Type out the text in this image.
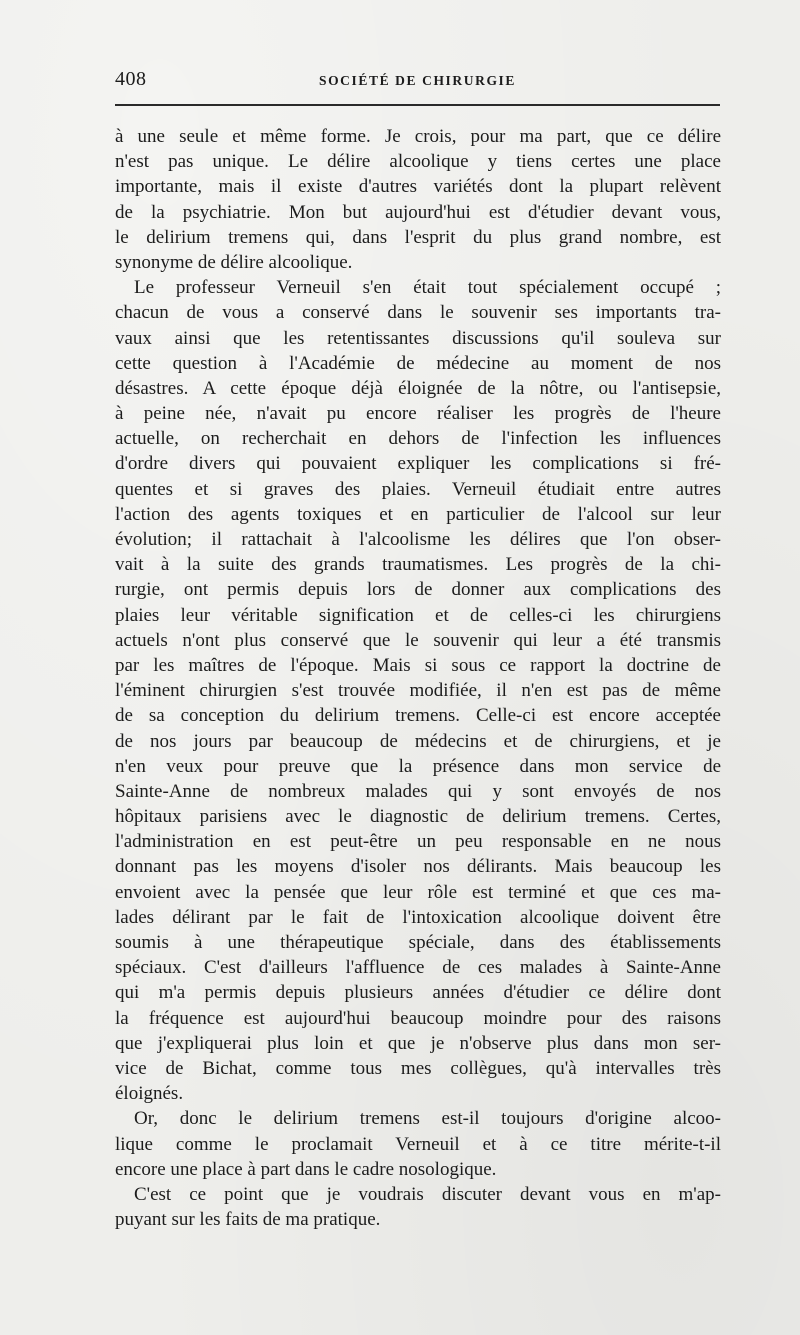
408	SOCIÉTÉ DE CHIRURGIE
à une seule et même forme. Je crois, pour ma part, que ce délire
n'est pas unique. Le délire alcoolique y tiens certes une place
importante, mais il existe d'autres variétés dont la plupart relèvent
de la psychiatrie. Mon but aujourd'hui est d'étudier devant vous,
le delirium tremens qui, dans l'esprit du plus grand nombre, est
synonyme de délire alcoolique.
Le professeur Verneuil s'en était tout spécialement occupé ;
chacun de vous a conservé dans le souvenir ses importants tra-
vaux ainsi que les retentissantes discussions qu'il souleva sur
cette question à l'Académie de médecine au moment de nos
désastres. A cette époque déjà éloignée de la nôtre, ou l'antisepsie,
à peine née, n'avait pu encore réaliser les progrès de l'heure
actuelle, on recherchait en dehors de l'infection les influences
d'ordre divers qui pouvaient expliquer les complications si fré-
quentes et si graves des plaies. Verneuil étudiait entre autres
l'action des agents toxiques et en particulier de l'alcool sur leur
évolution; il rattachait à l'alcoolisme les délires que l'on obser-
vait à la suite des grands traumatismes. Les progrès de la chi-
rurgie, ont permis depuis lors de donner aux complications des
plaies leur véritable signification et de celles-ci les chirurgiens
actuels n'ont plus conservé que le souvenir qui leur a été transmis
par les maîtres de l'époque. Mais si sous ce rapport la doctrine de
l'éminent chirurgien s'est trouvée modifiée, il n'en est pas de même
de sa conception du delirium tremens. Celle-ci est encore acceptée
de nos jours par beaucoup de médecins et de chirurgiens, et je
n'en veux pour preuve que la présence dans mon service de
Sainte-Anne de nombreux malades qui y sont envoyés de nos
hôpitaux parisiens avec le diagnostic de delirium tremens. Certes,
l'administration en est peut-être un peu responsable en ne nous
donnant pas les moyens d'isoler nos délirants. Mais beaucoup les
envoient avec la pensée que leur rôle est terminé et que ces ma-
lades délirant par le fait de l'intoxication alcoolique doivent être
soumis à une thérapeutique spéciale, dans des établissements
spéciaux. C'est d'ailleurs l'affluence de ces malades à Sainte-Anne
qui m'a permis depuis plusieurs années d'étudier ce délire dont
la fréquence est aujourd'hui beaucoup moindre pour des raisons
que j'expliquerai plus loin et que je n'observe plus dans mon ser-
vice de Bichat, comme tous mes collègues, qu'à intervalles très
éloignés.
Or, donc le delirium tremens est-il toujours d'origine alcoo-
lique comme le proclamait Verneuil et à ce titre mérite-t-il
encore une place à part dans le cadre nosologique.
C'est ce point que je voudrais discuter devant vous en m'ap-
puyant sur les faits de ma pratique.
